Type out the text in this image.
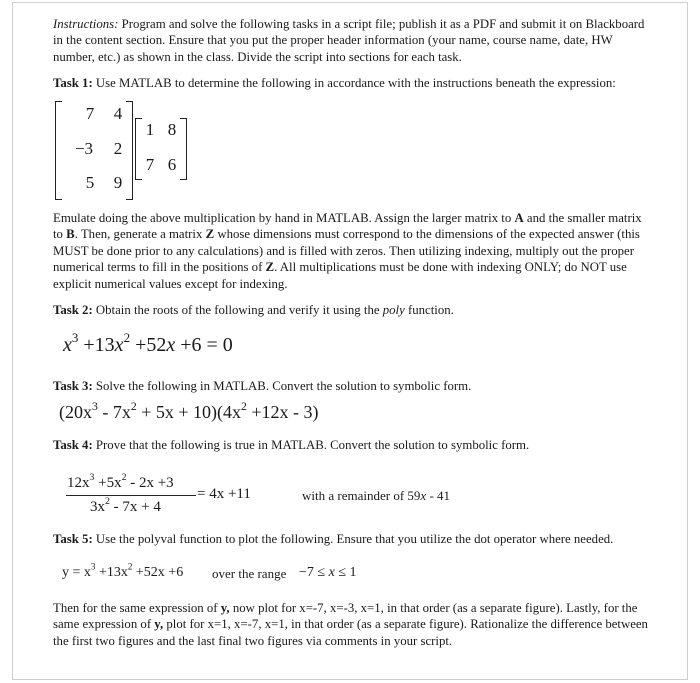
Instructions: Program and solve the following tasks in a script file; publish it as a PDF and submit it on Blackboard in the content section. Ensure that you put the proper header information (your name, course name, date, HW number, etc.) as shown in the class. Divide the script into sections for each task.

Task 1: Use MATLAB to determine the following in accordance with the instructions beneath the expression:

7	4
−3	2
5	9
1 8
7 6

Emulate doing the above multiplication by hand in MATLAB. Assign the larger matrix to A and the smaller matrix to B. Then, generate a matrix Z whose dimensions must correspond to the dimensions of the expected answer (this MUST be done prior to any calculations) and is filled with zeros. Then utilizing indexing, multiply out the proper numerical terms to fill in the positions of Z. All multiplications must be done with indexing ONLY; do NOT use explicit numerical values except for indexing.

Task 2: Obtain the roots of the following and verify it using the poly function.

$x^3 +13x^2 +52x +6 = 0$

Task 3: Solve the following in MATLAB. Convert the solution to symbolic form.

$(20x^3 - 7x^2 + 5x + 10)(4x^2 +12x - 3)$

Task 4: Prove that the following is true in MATLAB. Convert the solution to symbolic form.

$12x^3 +5x^2 - 2x +3$
$3x^2 - 7x + 4$
= 4x +11	with a remainder of 59x - 41

Task 5: Use the polyval function to plot the following. Ensure that you utilize the dot operator where needed.

$y = x^3 +13x^2 +52x +6$ over the range −7 ≤ x ≤ 1

Then for the same expression of y, now plot for x=-7, x=-3, x=1, in that order (as a separate figure). Lastly, for the same expression of y, plot for x=1, x=-7, x=1, in that order (as a separate figure). Rationalize the difference between the first two figures and the last final two figures via comments in your script.
